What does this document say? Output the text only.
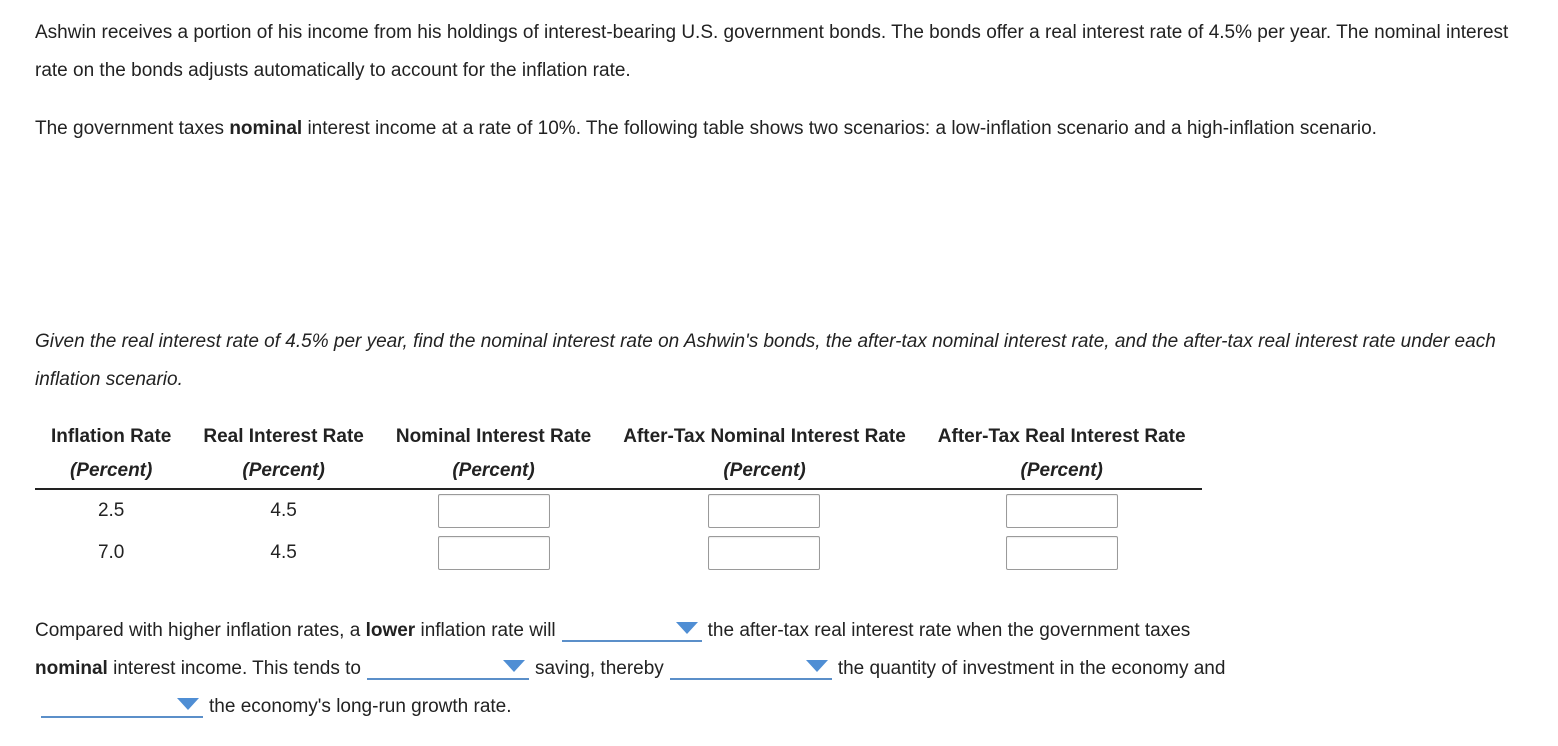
Ashwin receives a portion of his income from his holdings of interest-bearing U.S. government bonds. The bonds offer a real interest rate of 4.5% per year. The nominal interest rate on the bonds adjusts automatically to account for the inflation rate.

The government taxes nominal interest income at a rate of 10%. The following table shows two scenarios: a low-inflation scenario and a high-inflation scenario.

Given the real interest rate of 4.5% per year, find the nominal interest rate on Ashwin's bonds, the after-tax nominal interest rate, and the after-tax real interest rate under each inflation scenario.

Inflation Rate	Real Interest Rate	Nominal Interest Rate	After-Tax Nominal Interest Rate	After-Tax Real Interest Rate
(Percent)	(Percent)	(Percent)	(Percent)	(Percent)
2.5	4.5			
7.0	4.5			

Compared with higher inflation rates, a lower inflation rate will	the after-tax real interest rate when the government taxes
nominal interest income. This tends to	saving, thereby	the quantity of investment in the economy and

the economy's long-run growth rate.
